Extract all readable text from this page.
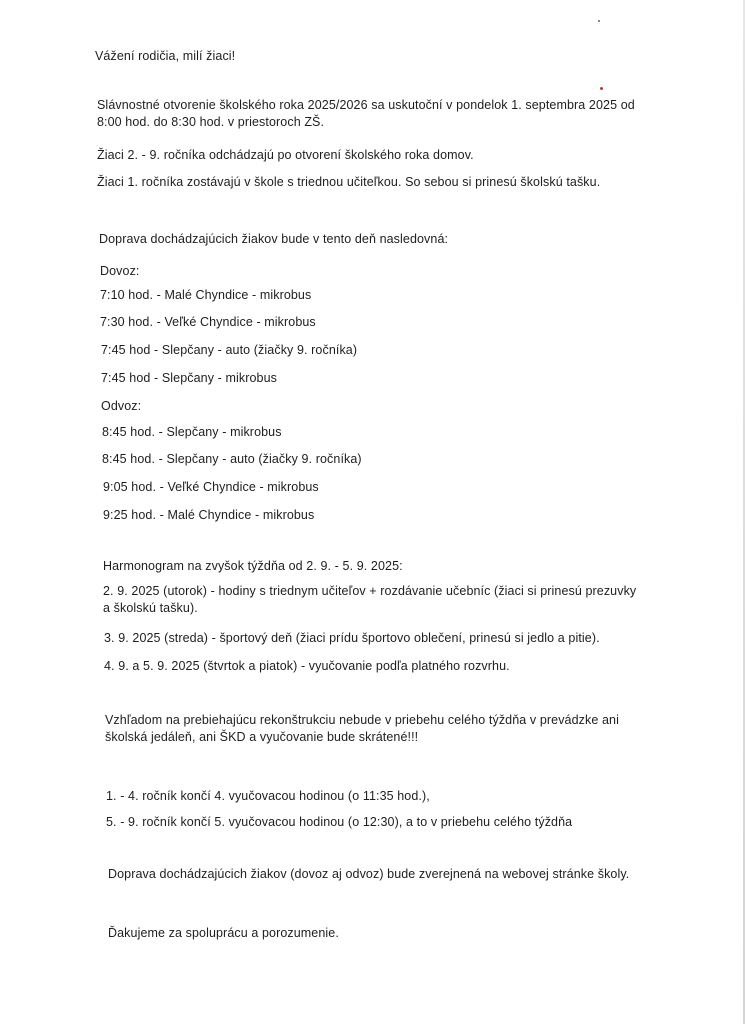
Vážení rodičia, milí žiaci!
Slávnostné otvorenie školského roka 2025/2026 sa uskutoční v pondelok 1. septembra 2025 od 8:00 hod. do 8:30 hod. v priestoroch ZŠ.
Žiaci 2. - 9. ročníka odchádzajú po otvorení školského roka domov.
Žiaci 1. ročníka zostávajú v škole s triednou učiteľkou. So sebou si prinesú školskú tašku.
Doprava dochádzajúcich žiakov bude v tento deň nasledovná:
Dovoz:
7:10 hod. - Malé Chyndice - mikrobus
7:30 hod. - Veľké Chyndice - mikrobus
7:45 hod - Slepčany - auto (žiačky 9. ročníka)
7:45 hod - Slepčany - mikrobus
Odvoz:
8:45 hod. - Slepčany - mikrobus
8:45 hod. - Slepčany - auto (žiačky 9. ročníka)
9:05 hod. - Veľké Chyndice - mikrobus
9:25 hod. - Malé Chyndice - mikrobus
Harmonogram na zvyšok týždňa od 2. 9. - 5. 9. 2025:
2. 9. 2025 (utorok) - hodiny s triednym učiteľov + rozdávanie učebníc (žiaci si prinesú prezuvky a školskú tašku).
3. 9. 2025 (streda) - športový deň (žiaci prídu športovo oblečení, prinesú si jedlo a pitie).
4. 9. a 5. 9. 2025 (štvrtok a piatok) - vyučovanie podľa platného rozvrhu.
Vzhľadom na prebiehajúcu rekonštrukciu nebude v priebehu celého týždňa v prevádzke ani školská jedáleň, ani ŠKD a vyučovanie bude skrátené!!!
1. - 4. ročník končí 4. vyučovacou hodinou (o 11:35 hod.),
5. - 9. ročník končí 5. vyučovacou hodinou (o 12:30), a to v priebehu celého týždňa
Doprava dochádzajúcich žiakov (dovoz aj odvoz) bude zverejnená na webovej stránke školy.
Ďakujeme za spoluprácu a porozumenie.
